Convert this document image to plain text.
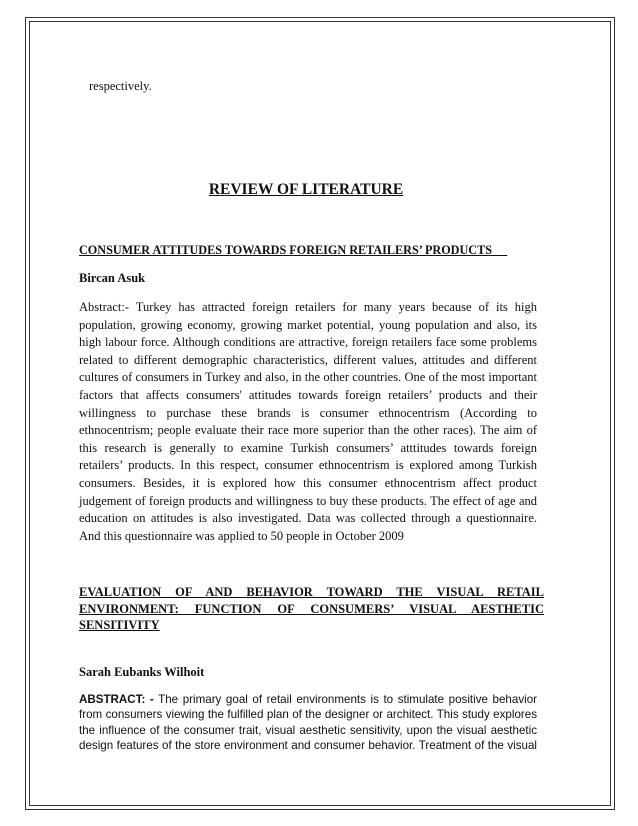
respectively.
REVIEW OF LITERATURE
CONSUMER ATTITUDES TOWARDS FOREIGN RETAILERS’ PRODUCTS
Bircan Asuk
Abstract:- Turkey has attracted foreign retailers for many years because of its high
population, growing economy, growing market potential, young population and also, its
high labour force. Although conditions are attractive, foreign retailers face some problems
related to different demographic characteristics, different values, attitudes and different
cultures of consumers in Turkey and also, in the other countries. One of the most important
factors that affects consumers' attitudes towards foreign retailers’ products and their
willingness to purchase these brands is consumer ethnocentrism (According to
ethnocentrism; people evaluate their race more superior than the other races). The aim of
this research is generally to examine Turkish consumers’ atttitudes towards foreign
retailers’ products. In this respect, consumer ethnocentrism is explored among Turkish
consumers. Besides, it is explored how this consumer ethnocentrism affect product
judgement of foreign products and willingness to buy these products. The effect of age and
education on attitudes is also investigated. Data was collected through a questionnaire.
And this questionnaire was applied to 50 people in October 2009
EVALUATION OF AND BEHAVIOR TOWARD THE VISUAL RETAIL
ENVIRONMENT: FUNCTION OF CONSUMERS’ VISUAL AESTHETIC
SENSITIVITY
Sarah Eubanks Wilhoit
ABSTRACT: - The primary goal of retail environments is to stimulate positive behavior
from consumers viewing the fulfilled plan of the designer or architect. This study explores
the influence of the consumer trait, visual aesthetic sensitivity, upon the visual aesthetic
design features of the store environment and consumer behavior. Treatment of the visual
